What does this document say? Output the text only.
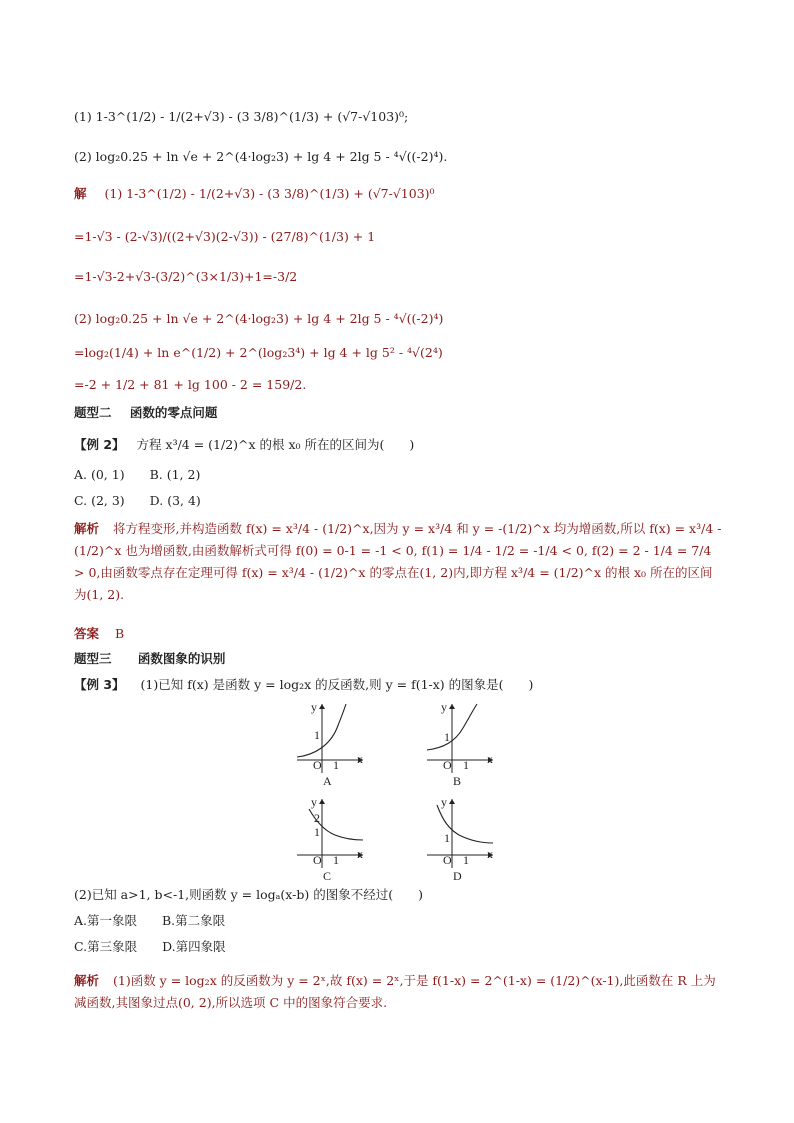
(1) 1-3^(1/2) - 1/(2+√3) - (3 3/8)^(1/3) + (√7-√103)⁰;
(2) log₂0.25 + ln √e + 2^(4·log₂3) + lg 4 + 2lg 5 - ⁴√((-2)⁴).
解 (1) 1-3^(1/2) - 1/(2+√3) - (3 3/8)^(1/3) + (√7-√103)⁰
=1-√3 - (2-√3)/((2+√3)(2-√3)) - (27/8)^(1/3) + 1
=1-√3-2+√3-(3/2)^(3×1/3)+1=-3/2
(2) log₂0.25 + ln √e + 2^(4·log₂3) + lg 4 + 2lg 5 - ⁴√((-2)⁴)
=log₂(1/4) + ln e^(1/2) + 2^(log₂3⁴) + lg 4 + lg 5² - ⁴√(2⁴)
=-2 + 1/2 + 81 + lg 100 - 2 = 159/2.
题型二 函数的零点问题
【例 2】 方程 x³/4 = (1/2)^x 的根 x₀ 所在的区间为(　　)
A. (0, 1)　　B. (1, 2)
C. (2, 3)　　D. (3, 4)
解析 将方程变形,并构造函数 f(x) = x³/4 - (1/2)^x,因为 y = x³/4 和 y = -(1/2)^x 均为增函数,所以 f(x) = x³/4 - (1/2)^x 也为增函数,由函数解析式可得 f(0) = 0-1 = -1 < 0, f(1) = 1/4 - 1/2 = -1/4 < 0, f(2) = 2 - 1/4 = 7/4 > 0,由函数零点存在定理可得 f(x) = x³/4 - (1/2)^x 的零点在(1, 2)内,即方程 x³/4 = (1/2)^x 的根 x₀ 所在的区间为(1, 2).
答案 B
题型三 函数图象的识别
【例 3】 (1)已知 f(x) 是函数 y = log₂x 的反函数,则 y = f(1-x) 的图象是(　　)
y
x
O 1
1
A
y
x
O 1
1
B
y
x
O 1
2
1
C
y
x
O 1
1
D
(2)已知 a>1, b<-1,则函数 y = logₐ(x-b) 的图象不经过(　　)
A.第一象限　　B.第二象限
C.第三象限　　D.第四象限
解析 (1)函数 y = log₂x 的反函数为 y = 2ˣ,故 f(x) = 2ˣ,于是 f(1-x) = 2^(1-x) = (1/2)^(x-1),此函数在 R 上为减函数,其图象过点(0, 2),所以选项 C 中的图象符合要求.
